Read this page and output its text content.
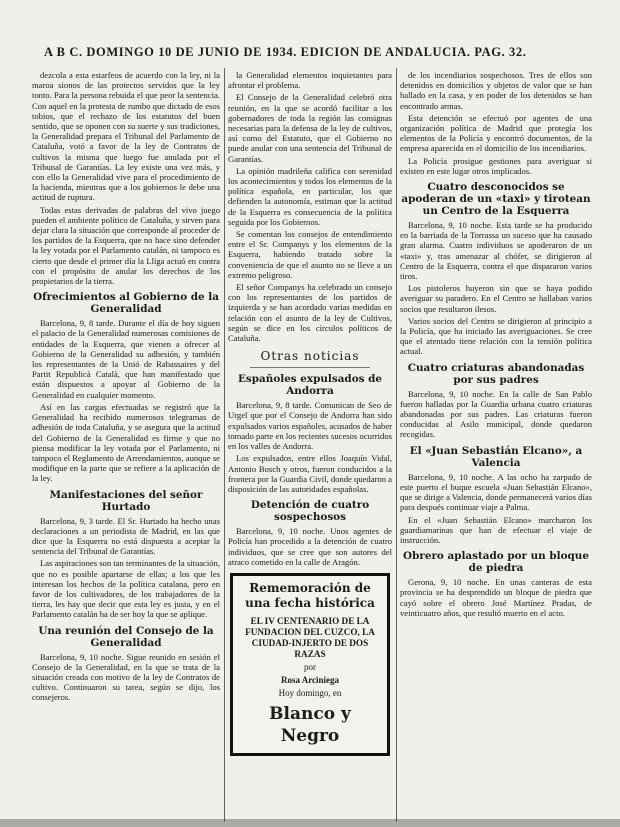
A B C. DOMINGO 10 DE JUNIO DE 1934. EDICION DE ANDALUCIA. PAG. 32.

dezcola a esta estarfeos de acuerdo con la ley, ni la maroa sionos de las protectos servidos que la ley tonto. Para la persona rebuida el que peor la sentencia. Con aquel en la protesta de rumbo que dictado de esos tobios, que el rechazo de los estatutos del buen sentido, que se oponen con su suerte y sus tradiciones, la Generalidad prepara el Tribunal del Parlamento de Cataluña, votó a favor de la ley de Contratos de cultivos la misma que luego fue anulada por el Tribunal de Garantías. La ley existe una vez más, y con ello la Generalidad vive para el procedimiento de la hacienda, mientras que a los gobiernos le debe una actitud de ruptura.

Todas estas derivadas de palabras del vivo juego pueden el ambiente político de Cataluña, y sirven para dejar clara la situación que corresponde al proceder de los partidos de la Esquerra, que no hace sino defender la ley votada por el Parlamento catalán, ni tampoco es cierto que desde el primer día la Lliga actuó en contra con el propósito de anular los derechos de los propietarios de la tierra.

Ofrecimientos al Gobierno de la Generalidad

Barcelona, 9, 8 tarde. Durante el día de hoy siguen el palacio de la Generalidad numerosas comisiones de entidades de la Esquerra, que vienen a ofrecer al Gobierno de la Generalidad su adhesión, y también los representantes de la Unió de Rabassaires y del Partit Republicà Català, que han manifestado que están dispuestos a apoyar al Gobierno de la Generalidad en cualquier momento.

Así en las cargas efectuadas se registró que la Generalidad ha recibido numerosos telegramas de adhesión de toda Cataluña, y se asegura que la actitud del Gobierno de la Generalidad es firme y que no piensa modificar la ley votada por el Parlamento, ni tampoco el Reglamento de Arrendamientos, aunque se modifique en la parte que se refiere a la aplicación de la ley.

Manifestaciones del señor Hurtado

Barcelona, 9, 3 tarde. El Sr. Hurtado ha hecho unas declaraciones a un periodista de Madrid, en las que dice que la Esquerra no está dispuesta a aceptar la sentencia del Tribunal de Garantías.

Las aspiraciones son tan terminantes de la situación, que no es posible apartarse de ellas; a los que les interesan los hechos de la política catalana, pero en favor de los cultivadores, de los trabajadores de la tierra, les hay que decir que esta ley es justa, y en el Parlamento catalán ha de ser hoy la que se aplique.

Una reunión del Consejo de la Generalidad

Barcelona, 9, 10 noche. Sigue reunido en sesión el Consejo de la Generalidad, en la que se trata de la situación creada con motivo de la ley de Contratos de cultivo. Continuaron su tarea, según se dijo, los consejeros.

la Generalidad elementos inquietantes para afrontar el problema.

El Consejo de la Generalidad celebró otra reunión, en la que se acordó facilitar a los gobernadores de toda la región las consignas necesarias para la defensa de la ley de cultivos, así como del Estatuto, que el Gobierno no puede anular con una sentencia del Tribunal de Garantías.

La opinión madrileña califica con serenidad los acontecimientos y todos los elementos de la política española, en particular, los que defienden la autonomía, estiman que la actitud de la Esquerra es consecuencia de la política seguida por los Gobiernos.

Se comentan los consejos de entendimiento entre el Sr. Companys y los elementos de la Esquerra, habiendo tratado sobre la conveniencia de que el asunto no se lleve a un extremo peligroso.

El señor Companys ha celebrado un consejo con los representantes de los partidos de izquierda y se han acordado varias medidas en relación con el asunto de la ley de Cultivos, según se dice en los círculos políticos de Cataluña.

Otras noticias
Españoles expulsados de Andorra

Barcelona, 9, 8 tarde. Comunican de Seo de Urgel que por el Consejo de Andorra han sido expulsados varios españoles, acusados de haber tomado parte en los recientes sucesos ocurridos en los valles de Andorra.

Los expulsados, entre ellos Joaquín Vidal, Antonio Bosch y otros, fueron conducidos a la frontera por la Guardia Civil, donde quedaron a disposición de las autoridades españolas.

Detención de cuatro sospechosos

Barcelona, 9, 10 noche. Unos agentes de Policía han procedido a la detención de cuatro individuos, que se cree que son autores del atraco cometido en la calle de Aragón.

Rememoración de una fecha histórica
EL IV CENTENARIO DE LA FUNDACION DEL CUZCO, LA CIUDAD-INJERTO DE DOS RAZAS
por
Rosa Arciniega
Hoy domingo, en
Blanco y Negro

de los incendiarios sospechosos. Tres de ellos son detenidos en domicilios y objetos de valor que se han hallado en la casa, y en poder de los detenidos se han encontrado armas.

Esta detención se efectuó por agentes de una organización política de Madrid que protegía los elementos de la Policía y encontró documentos, de la empresa aparecida en el domicilio de los incendiarios.

La Policía prosigue gestiones para averiguar si existen en este lugar otros implicados.

Cuatro desconocidos se apoderan de un «taxi» y tirotean un Centro de la Esquerra

Barcelona, 9, 10 noche. Esta tarde se ha producido en la barriada de la Torrassa un suceso que ha causado gran alarma. Cuatro individuos se apoderaron de un «taxi» y, tras amenazar al chófer, se dirigieron al Centro de la Esquerra, contra el que dispararon varios tiros.

Los pistoleros huyeron sin que se haya podido averiguar su paradero. En el Centro se hallaban varios socios que resultaron ilesos.

Varios socios del Centro se dirigieron al principio a la Policía, que ha iniciado las averiguaciones. Se cree que el atentado tiene relación con la tensión política actual.

Cuatro criaturas abandonadas por sus padres

Barcelona, 9, 10 noche. En la calle de San Pablo fueron halladas por la Guardia urbana cuatro criaturas abandonadas por sus padres. Las criaturas fueron conducidas al Asilo municipal, donde quedaron recogidas.

El «Juan Sebastián Elcano», a Valencia

Barcelona, 9, 10 noche. A las ocho ha zarpado de este puerto el buque escuela «Juan Sebastián Elcano», que se dirige a Valencia, donde permanecerá varios días para después continuar viaje a Palma.

En el «Juan Sebastián Elcano» marcharon los guardiamarinas que han de efectuar el viaje de instrucción.

Obrero aplastado por un bloque de piedra

Gerona, 9, 10 noche. En unas canteras de esta provincia se ha desprendido un bloque de piedra que cayó sobre el obrero José Martínez Pradas, de veinticuatro años, que resultó muerto en el acto.
